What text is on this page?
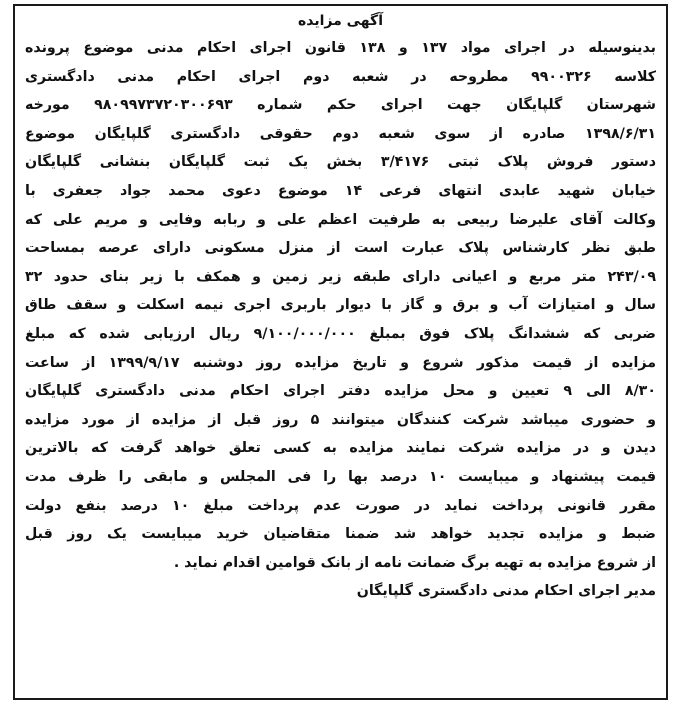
آگهی مزایده
بدینوسیله در اجرای مواد ۱۳۷ و ۱۳۸ قانون اجرای احکام مدنی موضوع پرونده
کلاسه ۹۹۰۰۳۲۶ مطروحه در شعبه دوم اجرای احکام مدنی دادگستری
شهرستان گلپایگان جهت اجرای حکم شماره ۹۸۰۹۹۷۳۷۲۰۳۰۰۶۹۳ مورخه
۱۳۹۸/۶/۳۱ صادره از سوی شعبه دوم حقوقی دادگستری گلپایگان موضوع
دستور فروش پلاک ثبتی ۳/۴۱۷۶ بخش یک ثبت گلپایگان بنشانی گلپایگان
خیابان شهید عابدی انتهای فرعی ۱۴ موضوع دعوی محمد جواد جعفری با
وکالت آقای علیرضا ربیعی به طرفیت اعظم علی و ربابه وفایی و مریم علی که
طبق نظر کارشناس پلاک عبارت است از منزل مسکونی دارای عرصه بمساحت
۲۴۳/۰۹ متر مربع و اعیانی دارای طبقه زیر زمین و همکف با زیر بنای حدود ۳۲
سال و امتیازات آب و برق و گاز با دیوار باربری اجری نیمه اسکلت و سقف طاق
ضربی که ششدانگ پلاک فوق بمبلغ ۹/۱۰۰/۰۰۰/۰۰۰ ریال ارزیابی شده که مبلغ
مزایده از قیمت مذکور شروع و تاریخ مزایده روز دوشنبه ۱۳۹۹/۹/۱۷ از ساعت
۸/۳۰ الی ۹ تعیین و محل مزایده دفتر اجرای احکام مدنی دادگستری گلپایگان
و حضوری میباشد شرکت کنندگان میتوانند ۵ روز قبل از مزایده از مورد مزایده
دیدن و در مزایده شرکت نمایند مزایده به کسی تعلق خواهد گرفت که بالاترین
قیمت پیشنهاد و میبایست ۱۰ درصد بها را فی المجلس و مابقی را ظرف مدت
مقرر قانونی پرداخت نماید در صورت عدم پرداخت مبلغ ۱۰ درصد بنفع دولت
ضبط و مزایده تجدید خواهد شد ضمنا متقاضیان خرید میبایست یک روز قبل
از شروع مزایده به تهیه برگ ضمانت نامه از بانک قوامین اقدام نماید .
مدیر اجرای احکام مدنی دادگستری گلپایگان
